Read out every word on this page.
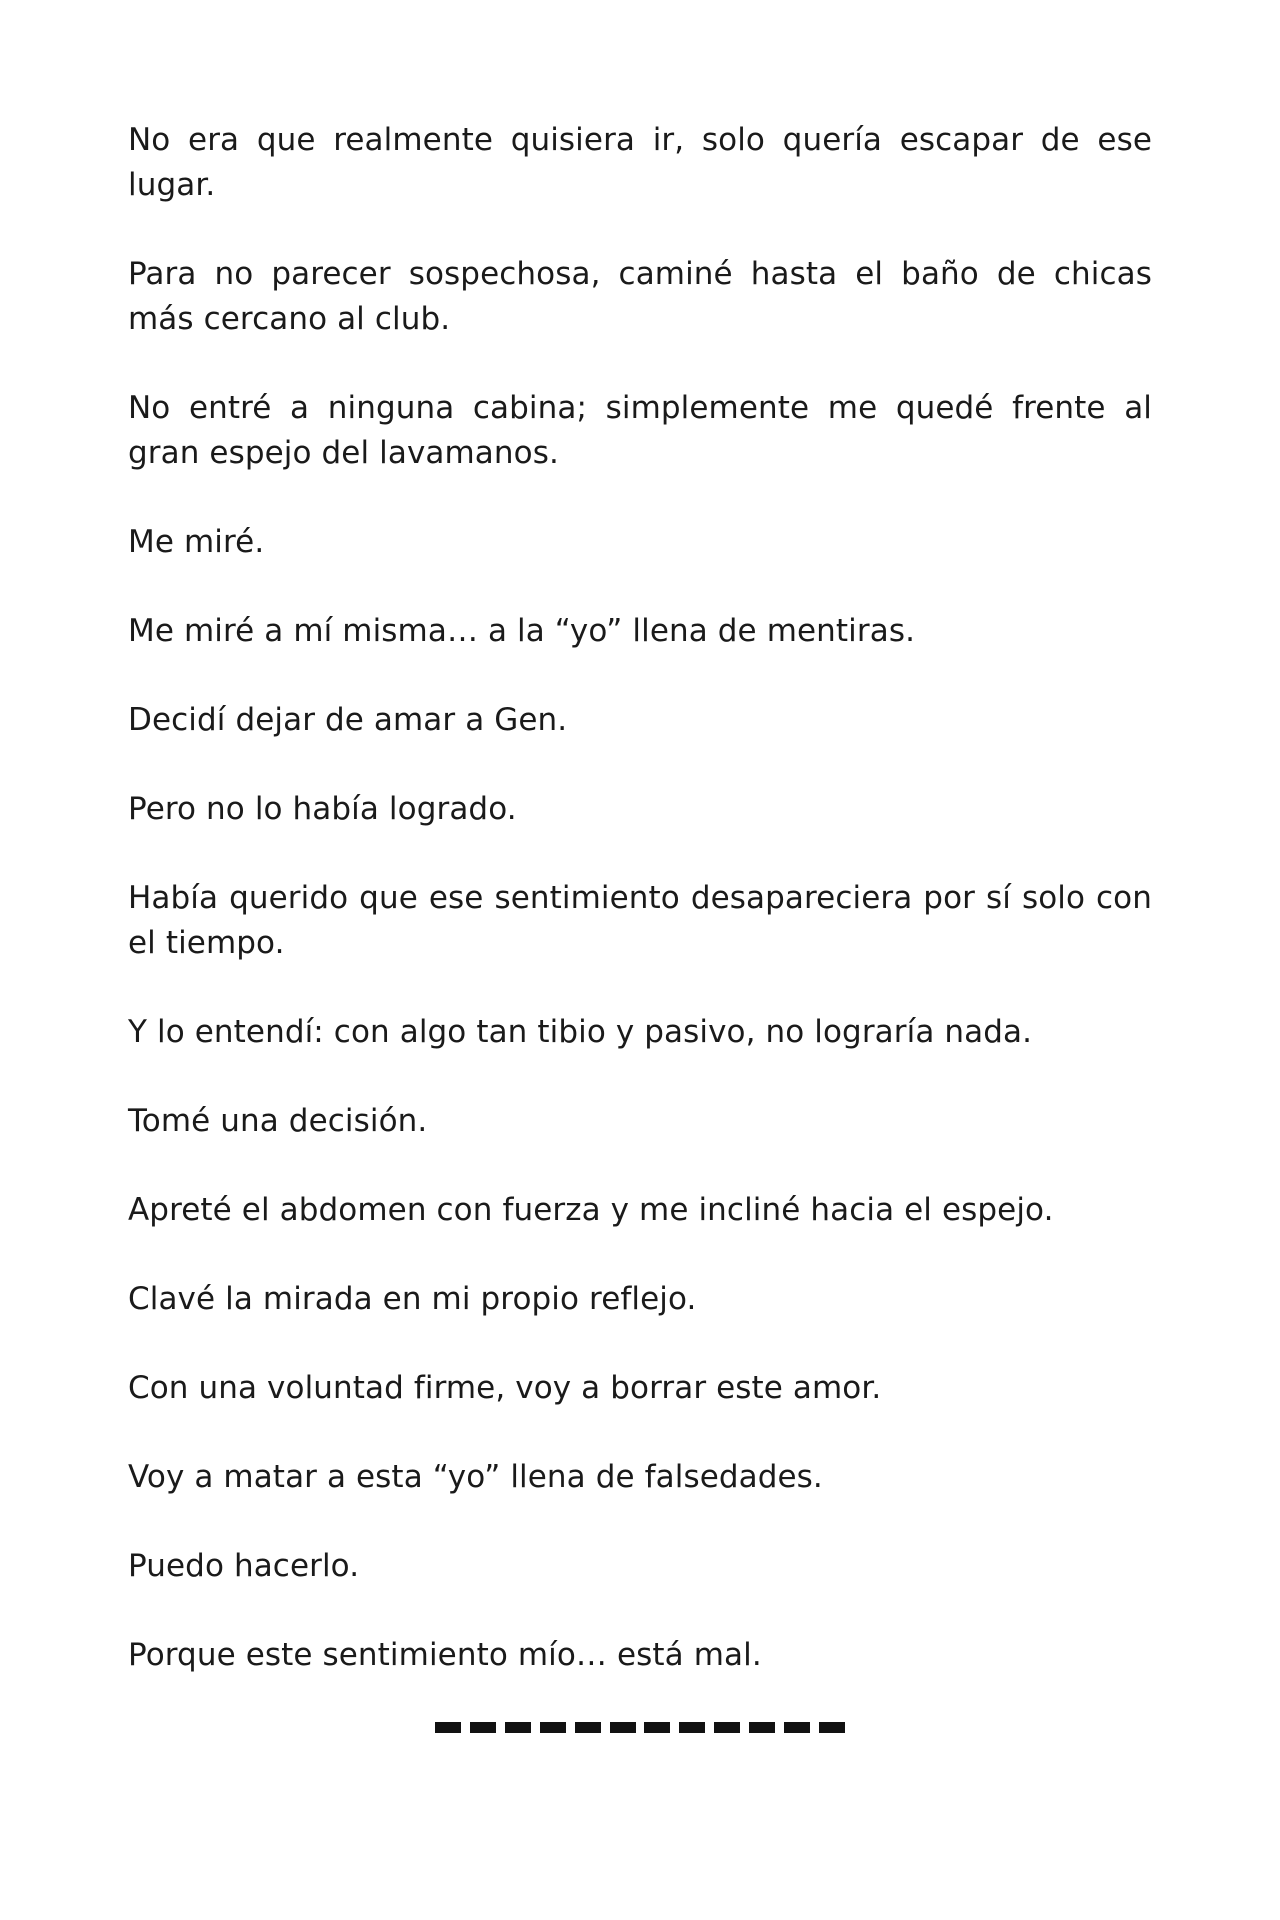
No era que realmente quisiera ir, solo quería escapar de ese lugar.

Para no parecer sospechosa, caminé hasta el baño de chicas más cercano al club.

No entré a ninguna cabina; simplemente me quedé frente al gran espejo del lavamanos.

Me miré.

Me miré a mí misma… a la “yo” llena de mentiras.

Decidí dejar de amar a Gen.

Pero no lo había logrado.

Había querido que ese sentimiento desapareciera por sí solo con el tiempo.

Y lo entendí: con algo tan tibio y pasivo, no lograría nada.

Tomé una decisión.

Apreté el abdomen con fuerza y me incliné hacia el espejo.

Clavé la mirada en mi propio reflejo.

Con una voluntad firme, voy a borrar este amor.

Voy a matar a esta “yo” llena de falsedades.

Puedo hacerlo.

Porque este sentimiento mío… está mal.
